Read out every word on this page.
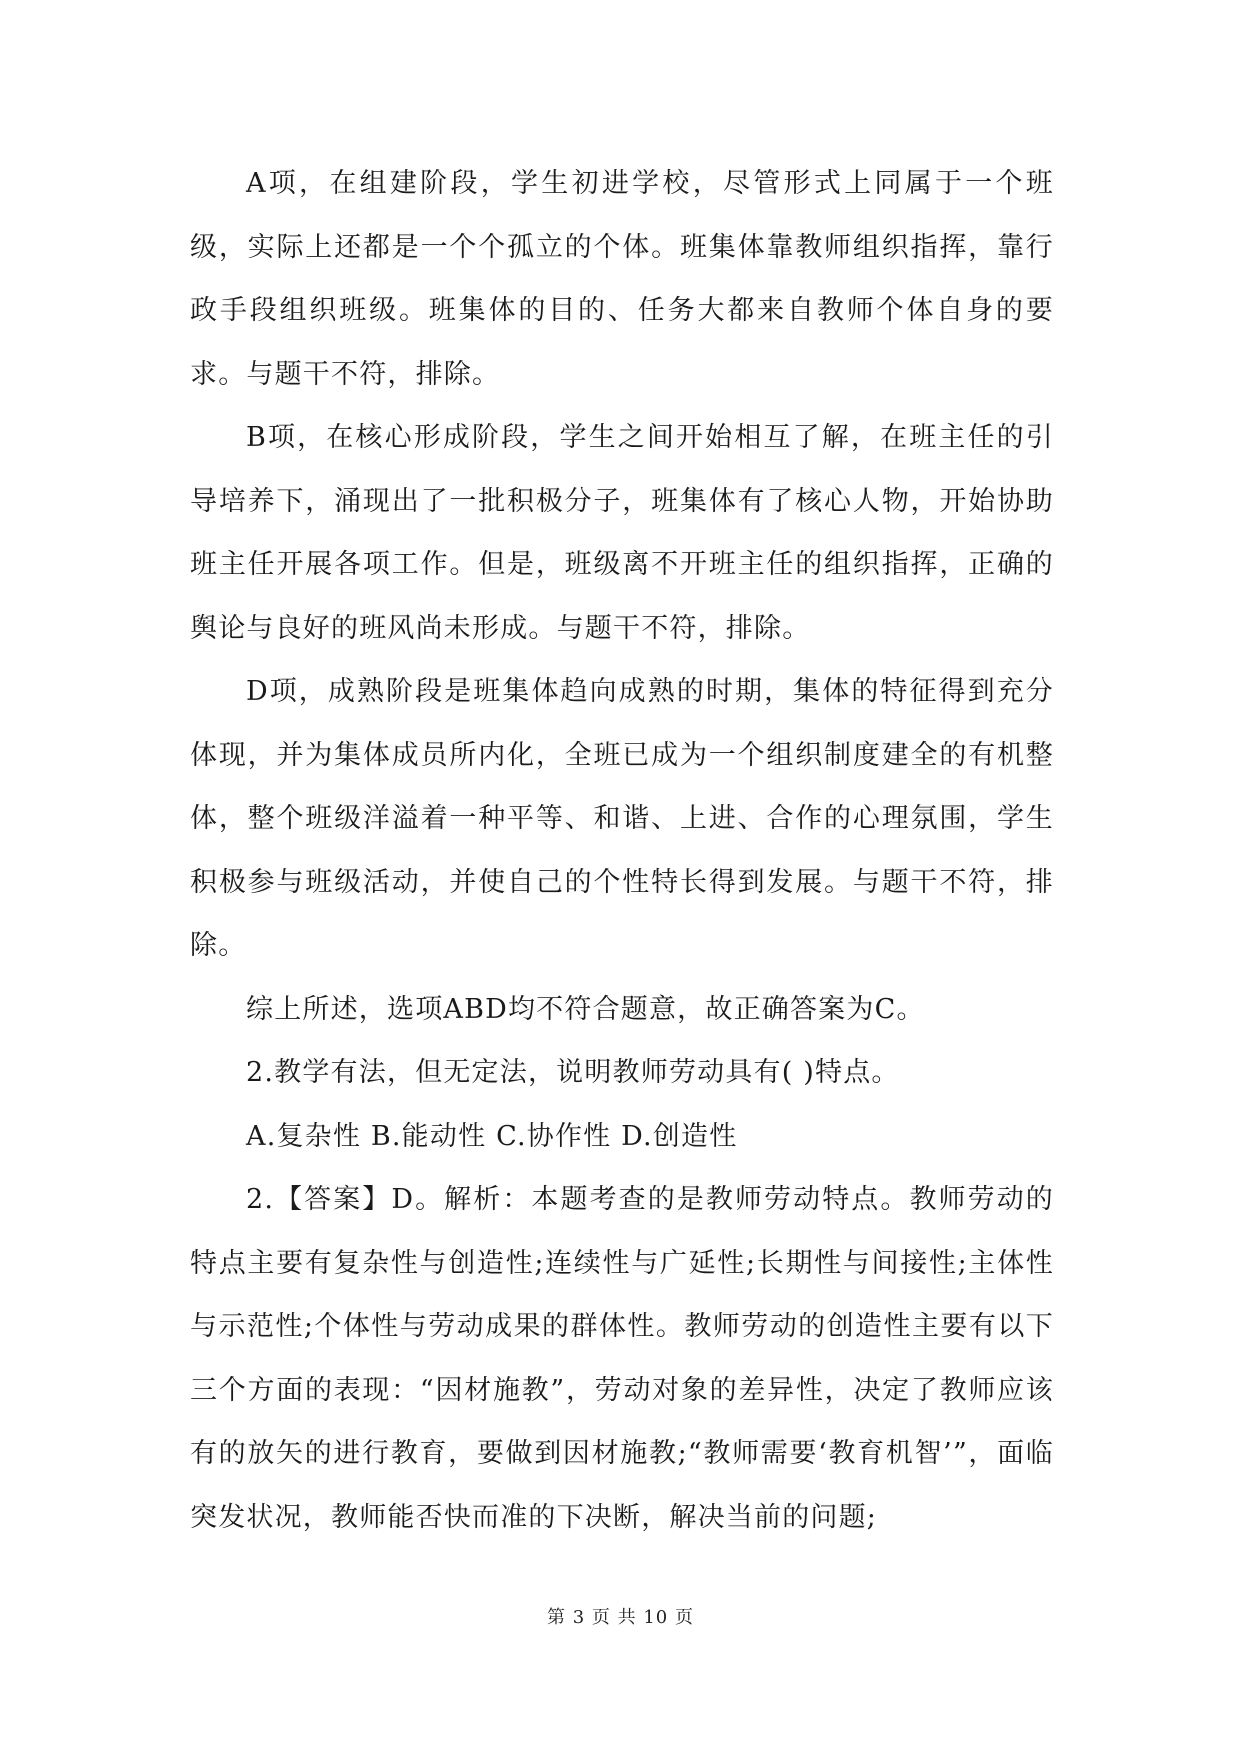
A项，在组建阶段，学生初进学校，尽管形式上同属于一个班级，实际上还都是一个个孤立的个体。班集体靠教师组织指挥，靠行政手段组织班级。班集体的目的、任务大都来自教师个体自身的要求。与题干不符，排除。

B项，在核心形成阶段，学生之间开始相互了解，在班主任的引导培养下，涌现出了一批积极分子，班集体有了核心人物，开始协助班主任开展各项工作。但是，班级离不开班主任的组织指挥，正确的舆论与良好的班风尚未形成。与题干不符，排除。

D项，成熟阶段是班集体趋向成熟的时期，集体的特征得到充分体现，并为集体成员所内化，全班已成为一个组织制度建全的有机整体，整个班级洋溢着一种平等、和谐、上进、合作的心理氛围，学生积极参与班级活动，并使自己的个性特长得到发展。与题干不符，排除。

综上所述，选项ABD均不符合题意，故正确答案为C。

2.教学有法，但无定法，说明教师劳动具有( )特点。

A.复杂性 B.能动性 C.协作性 D.创造性

2.【答案】D。解析：本题考查的是教师劳动特点。教师劳动的特点主要有复杂性与创造性;连续性与广延性;长期性与间接性;主体性与示范性;个体性与劳动成果的群体性。教师劳动的创造性主要有以下三个方面的表现：“因材施教”，劳动对象的差异性，决定了教师应该有的放矢的进行教育，要做到因材施教;“教师需要‘教育机智’”，面临突发状况，教师能否快而准的下决断，解决当前的问题;

第 3 页 共 10 页
